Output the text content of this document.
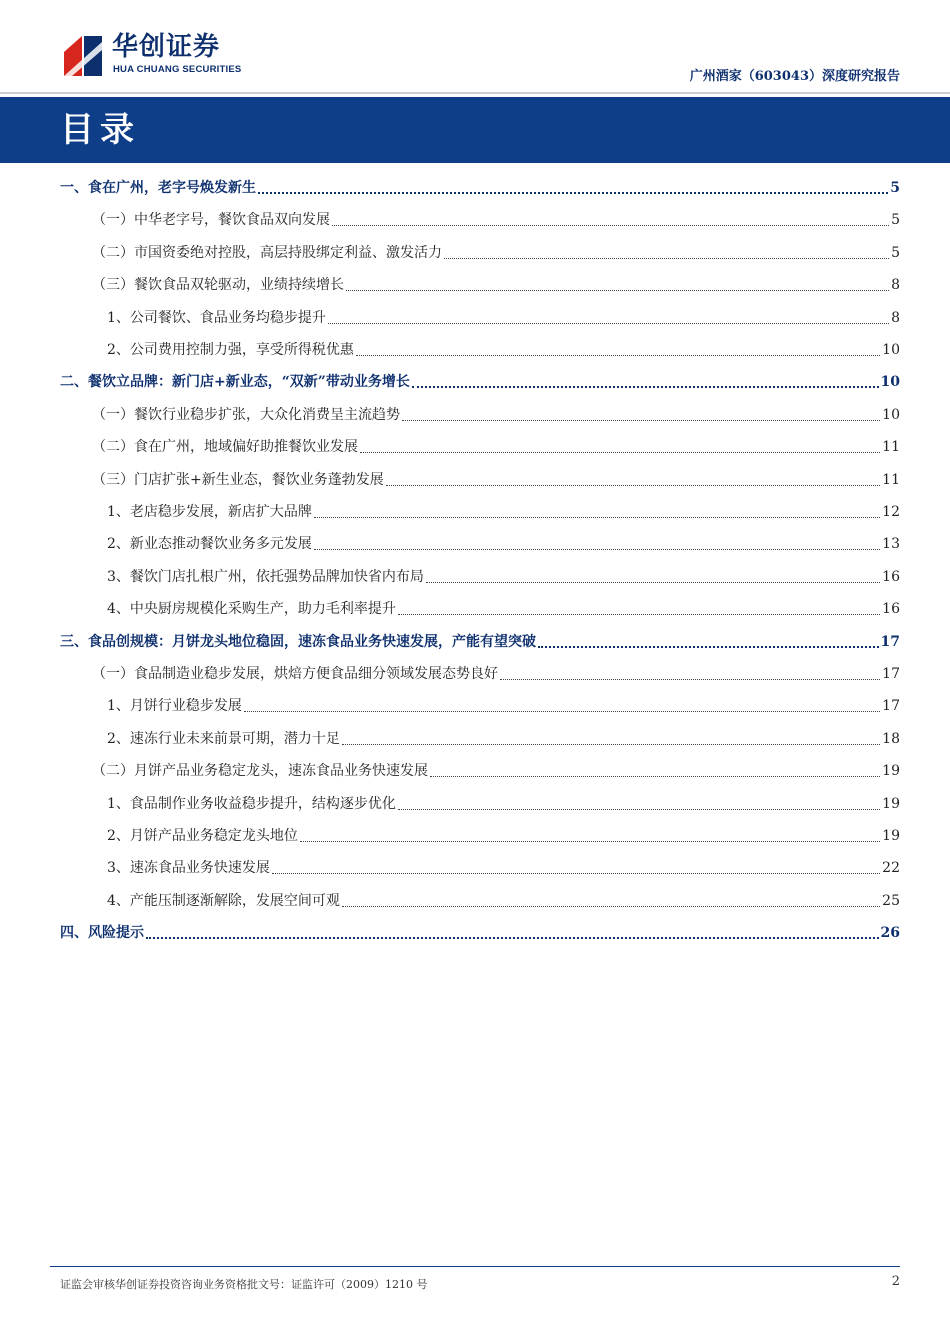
华创证券
HUA CHUANG SECURITIES	广州酒家（603043）深度研究报告
目录
一、食在广州，老字号焕发新生	5
（一）中华老字号，餐饮食品双向发展	5
（二）市国资委绝对控股，高层持股绑定利益、激发活力	5
（三）餐饮食品双轮驱动，业绩持续增长	8
1、公司餐饮、食品业务均稳步提升	8
2、公司费用控制力强，享受所得税优惠	10
二、餐饮立品牌：新门店+新业态，“双新”带动业务增长	10
（一）餐饮行业稳步扩张，大众化消费呈主流趋势	10
（二）食在广州，地域偏好助推餐饮业发展	11
（三）门店扩张+新生业态，餐饮业务蓬勃发展	11
1、老店稳步发展，新店扩大品牌	12
2、新业态推动餐饮业务多元发展	13
3、餐饮门店扎根广州，依托强势品牌加快省内布局	16
4、中央厨房规模化采购生产，助力毛利率提升	16
三、食品创规模：月饼龙头地位稳固，速冻食品业务快速发展，产能有望突破	17
（一）食品制造业稳步发展，烘焙方便食品细分领域发展态势良好	17
1、月饼行业稳步发展	17
2、速冻行业未来前景可期，潜力十足	18
（二）月饼产品业务稳定龙头，速冻食品业务快速发展	19
1、食品制作业务收益稳步提升，结构逐步优化	19
2、月饼产品业务稳定龙头地位	19
3、速冻食品业务快速发展	22
4、产能压制逐渐解除，发展空间可观	25
四、风险提示	26
证监会审核华创证券投资咨询业务资格批文号：证监许可（2009）1210 号	2
